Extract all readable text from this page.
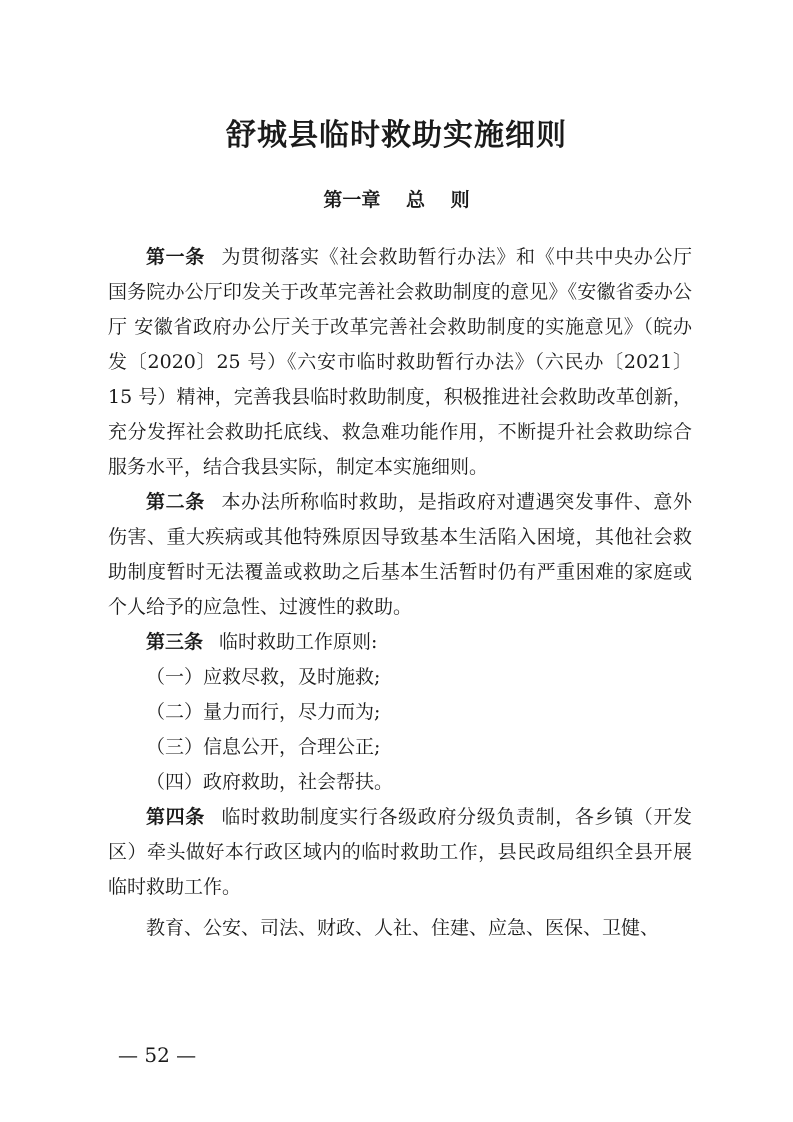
舒城县临时救助实施细则
第一章　 总　 则

第一条 为贯彻落实《社会救助暂行办法》和《中共中央办公厅 国务院办公厅印发关于改革完善社会救助制度的意见》《安徽省委办公厅 安徽省政府办公厅关于改革完善社会救助制度的实施意见》（皖办发〔2020〕25 号）《六安市临时救助暂行办法》（六民办〔2021〕15 号）精神，完善我县临时救助制度，积极推进社会救助改革创新，充分发挥社会救助托底线、救急难功能作用，不断提升社会救助综合服务水平，结合我县实际，制定本实施细则。

第二条 本办法所称临时救助，是指政府对遭遇突发事件、意外伤害、重大疾病或其他特殊原因导致基本生活陷入困境，其他社会救助制度暂时无法覆盖或救助之后基本生活暂时仍有严重困难的家庭或个人给予的应急性、过渡性的救助。

第三条 临时救助工作原则:

（一）应救尽救，及时施救;

（二）量力而行，尽力而为;

（三）信息公开，合理公正;

（四）政府救助，社会帮扶。

第四条 临时救助制度实行各级政府分级负责制，各乡镇（开发区）牵头做好本行政区域内的临时救助工作，县民政局组织全县开展临时救助工作。

教育、公安、司法、财政、人社、住建、应急、医保、卫健、

— 52 —
